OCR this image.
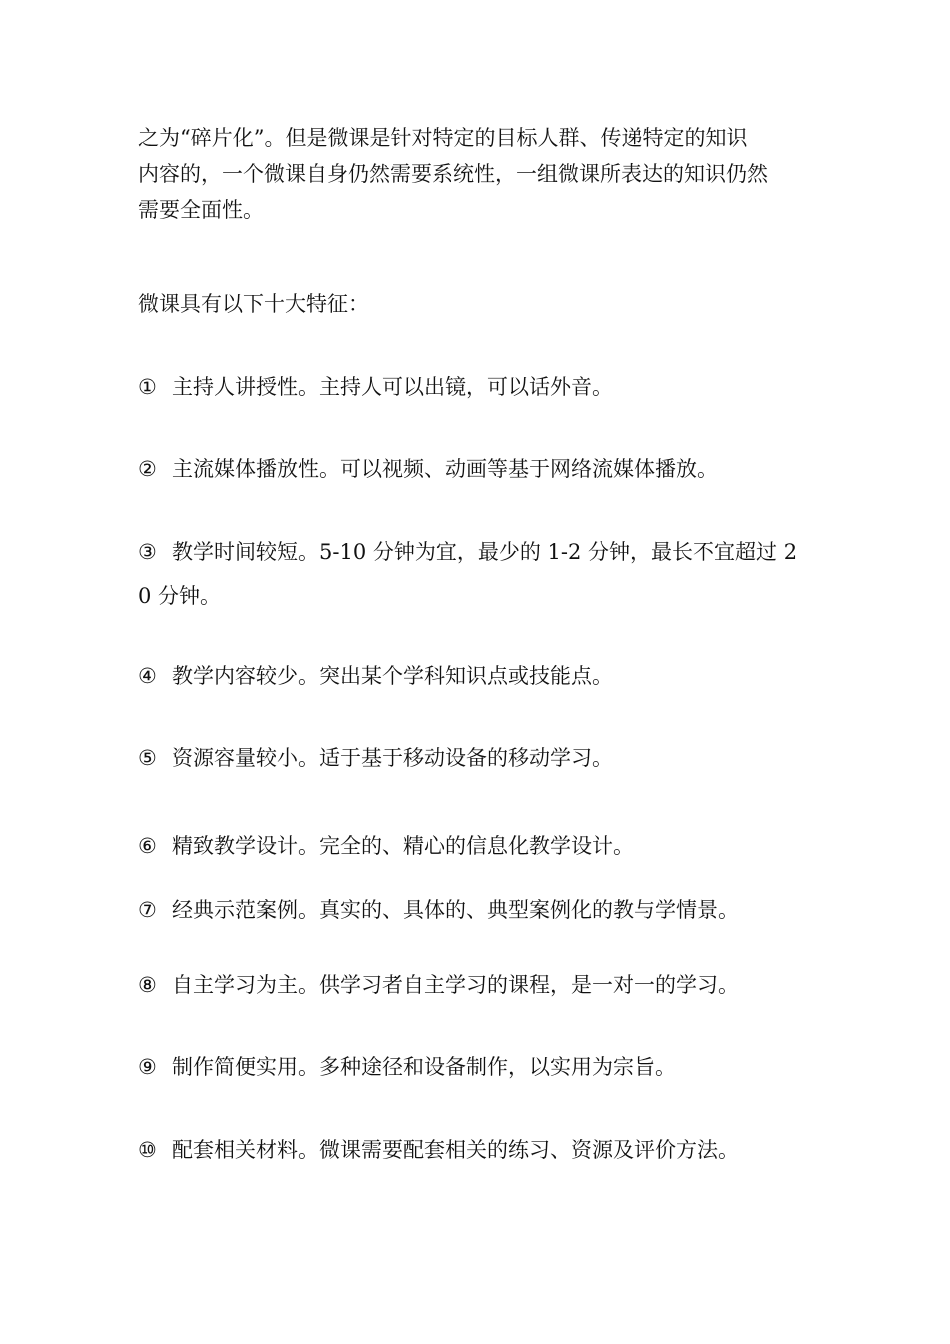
之为“碎片化”。但是微课是针对特定的目标人群、传递特定的知识
内容的，一个微课自身仍然需要系统性，一组微课所表达的知识仍然
需要全面性。
微课具有以下十大特征：
① 主持人讲授性。主持人可以出镜，可以话外音。
② 主流媒体播放性。可以视频、动画等基于网络流媒体播放。
③ 教学时间较短。5-10 分钟为宜，最少的 1-2 分钟，最长不宜超过 2
0 分钟。
④ 教学内容较少。突出某个学科知识点或技能点。
⑤ 资源容量较小。适于基于移动设备的移动学习。
⑥ 精致教学设计。完全的、精心的信息化教学设计。
⑦ 经典示范案例。真实的、具体的、典型案例化的教与学情景。
⑧ 自主学习为主。供学习者自主学习的课程，是一对一的学习。
⑨ 制作简便实用。多种途径和设备制作，以实用为宗旨。
⑩ 配套相关材料。微课需要配套相关的练习、资源及评价方法。
